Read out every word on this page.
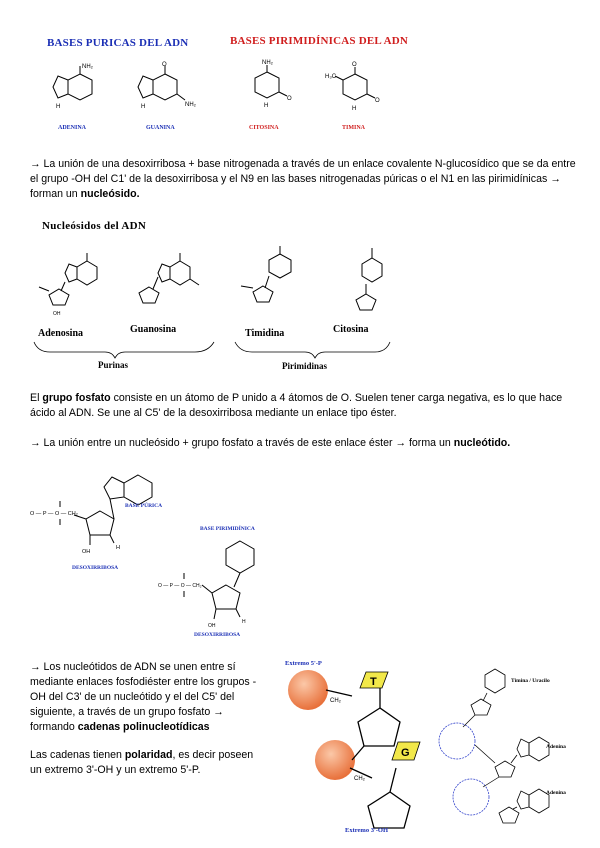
BASES PURICAS DEL ADN	BASES PIRIMIDÍNICAS DEL ADN
NH₂
H
ADENINA
O
NH₂
H
GUANINA
NH₂
O
H
CITOSINA
O
H₃C
O
H
TIMINA
→ La unión de una desoxirribosa + base nitrogenada a través de un enlace covalente N-glucosídico que se da entre el grupo -OH del C1' de la desoxirribosa y el N9 en las bases nitrogenadas púricas o el N1 en las pirimidínicas → forman un nucleósido.
Nucleósidos del ADN
OH
Adenosina	Guanosina	Timidina	Citosina
Purinas	Pirimidinas
El grupo fosfato consiste en un átomo de P unido a 4 átomos de O. Suelen tener carga negativa, es lo que hace ácido al ADN. Se une al C5' de la desoxirribosa mediante un enlace tipo éster.
→ La unión entre un nucleósido + grupo fosfato a través de este enlace éster → forma un nucleótido.
O — P — O — CH₂
OH
H
BASE PÚRICA
DESOXIRRIBOSA
O — P — O — CH₂
OH
H
BASE PIRIMIDÍNICA
DESOXIRRIBOSA
→ Los nucleótidos de ADN se unen entre sí mediante enlaces fosfodiéster entre los grupos -OH del C3' de un nucleótido y el del C5' del siguiente, a través de un grupo fosfato → formando cadenas polinucleotídicas
Las cadenas tienen polaridad, es decir poseen un extremo 3'-OH y un extremo 5'-P.
Extremo 5'-P
T
G
CH₂
CH₂
Extremo 3'-OH
Timina / Uracilo
Adenina
Adenina
